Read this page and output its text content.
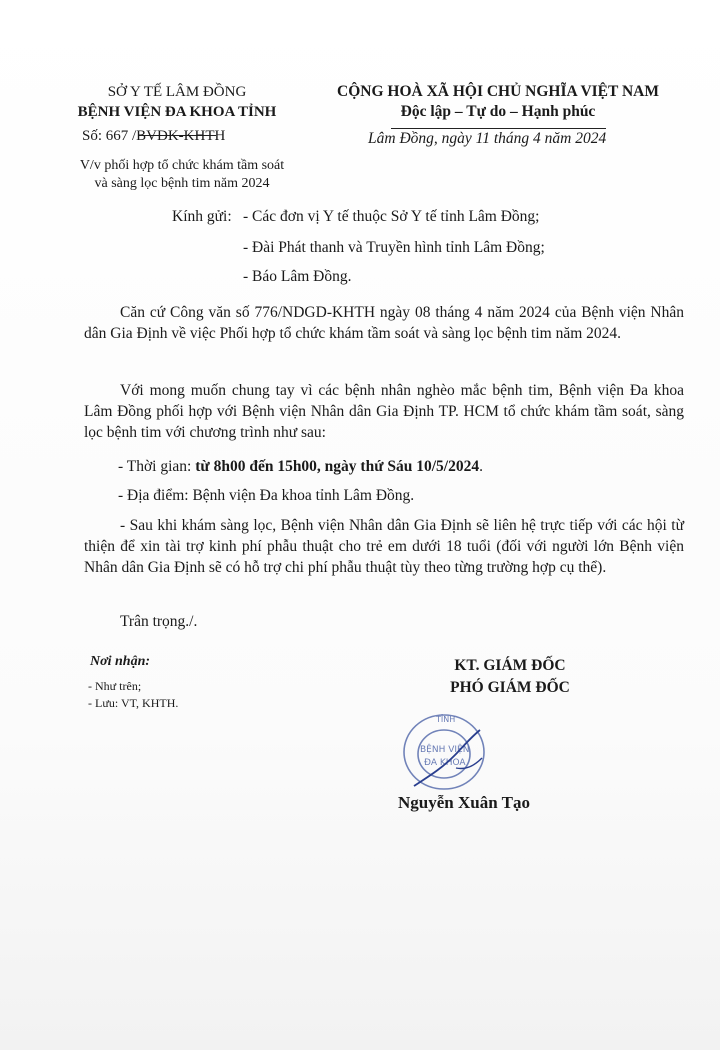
SỞ Y TẾ LÂM ĐỒNG
BỆNH VIỆN ĐA KHOA TỈNH
Số: 667 /BVĐK-KHTH
V/v phối hợp tổ chức khám tầm soát
và sàng lọc bệnh tim năm 2024
CỘNG HOÀ XÃ HỘI CHỦ NGHĨA VIỆT NAM
Độc lập – Tự do – Hạnh phúc
Lâm Đồng, ngày 11 tháng 4 năm 2024
Kính gửi: - Các đơn vị Y tế thuộc Sở Y tế tỉnh Lâm Đồng;
- Đài Phát thanh và Truyền hình tỉnh Lâm Đồng;
- Báo Lâm Đồng.
Căn cứ Công văn số 776/NDGD-KHTH ngày 08 tháng 4 năm 2024 của Bệnh viện Nhân dân Gia Định về việc Phối hợp tổ chức khám tầm soát và sàng lọc bệnh tim năm 2024.
Với mong muốn chung tay vì các bệnh nhân nghèo mắc bệnh tim, Bệnh viện Đa khoa Lâm Đồng phối hợp với Bệnh viện Nhân dân Gia Định TP. HCM tổ chức khám tầm soát, sàng lọc bệnh tim với chương trình như sau:
- Thời gian: từ 8h00 đến 15h00, ngày thứ Sáu 10/5/2024.
- Địa điểm: Bệnh viện Đa khoa tỉnh Lâm Đồng.
- Sau khi khám sàng lọc, Bệnh viện Nhân dân Gia Định sẽ liên hệ trực tiếp với các hội từ thiện để xin tài trợ kinh phí phẫu thuật cho trẻ em dưới 18 tuổi (đối với người lớn Bệnh viện Nhân dân Gia Định sẽ có hỗ trợ chi phí phẫu thuật tùy theo từng trường hợp cụ thể).
Trân trọng./.
Nơi nhận:
- Như trên;
- Lưu: VT, KHTH.
KT. GIÁM ĐỐC
PHÓ GIÁM ĐỐC
TỈNH
BỆNH VIỆN
ĐA KHOA
Nguyễn Xuân Tạo
